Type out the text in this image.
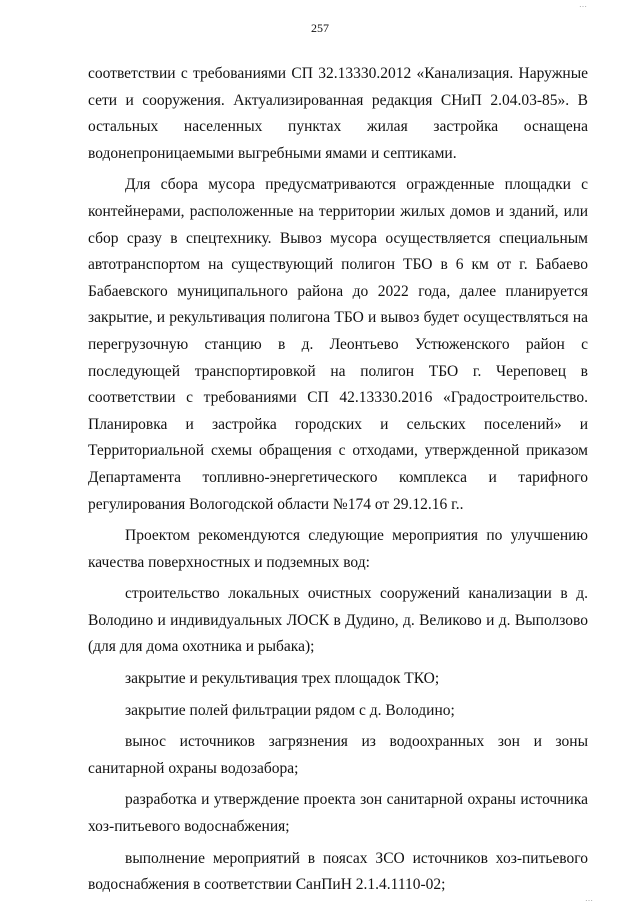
…
257

соответствии с требованиями СП 32.13330.2012 «Канализация. Наружные сети и сооружения. Актуализированная редакция СНиП 2.04.03-85». В остальных населенных пунктах жилая застройка оснащена водонепроницаемыми выгребными ямами и септиками.

Для сбора мусора предусматриваются огражденные площадки с контейнерами, расположенные на территории жилых домов и зданий, или сбор сразу в спецтехнику. Вывоз мусора осуществляется специальным автотранспортом на существующий полигон ТБО в 6 км от г. Бабаево Бабаевского муниципального района до 2022 года, далее планируется закрытие, и рекультивация полигона ТБО и вывоз будет осуществляться на перегрузочную станцию в д. Леонтьево Устюженского район с последующей транспортировкой на полигон ТБО г. Череповец в соответствии с требованиями СП 42.13330.2016 «Градостроительство. Планировка и застройка городских и сельских поселений» и Территориальной схемы обращения с отходами, утвержденной приказом Департамента топливно-энергетического комплекса и тарифного регулирования Вологодской области №174 от 29.12.16 г..

Проектом рекомендуются следующие мероприятия по улучшению качества поверхностных и подземных вод:

строительство локальных очистных сооружений канализации в д. Володино и индивидуальных ЛОСК в Дудино, д. Великово и д. Выползово (для для дома охотника и рыбака);

закрытие и рекультивация трех площадок ТКО;

закрытие полей фильтрации рядом с д. Володино;

вынос источников загрязнения из водоохранных зон и зоны санитарной охраны водозабора;

разработка и утверждение проекта зон санитарной охраны источника хоз-питьевого водоснабжения;

выполнение мероприятий в поясах ЗСО источников хоз-питьевого водоснабжения в соответствии СанПиН 2.1.4.1110-02;

…
